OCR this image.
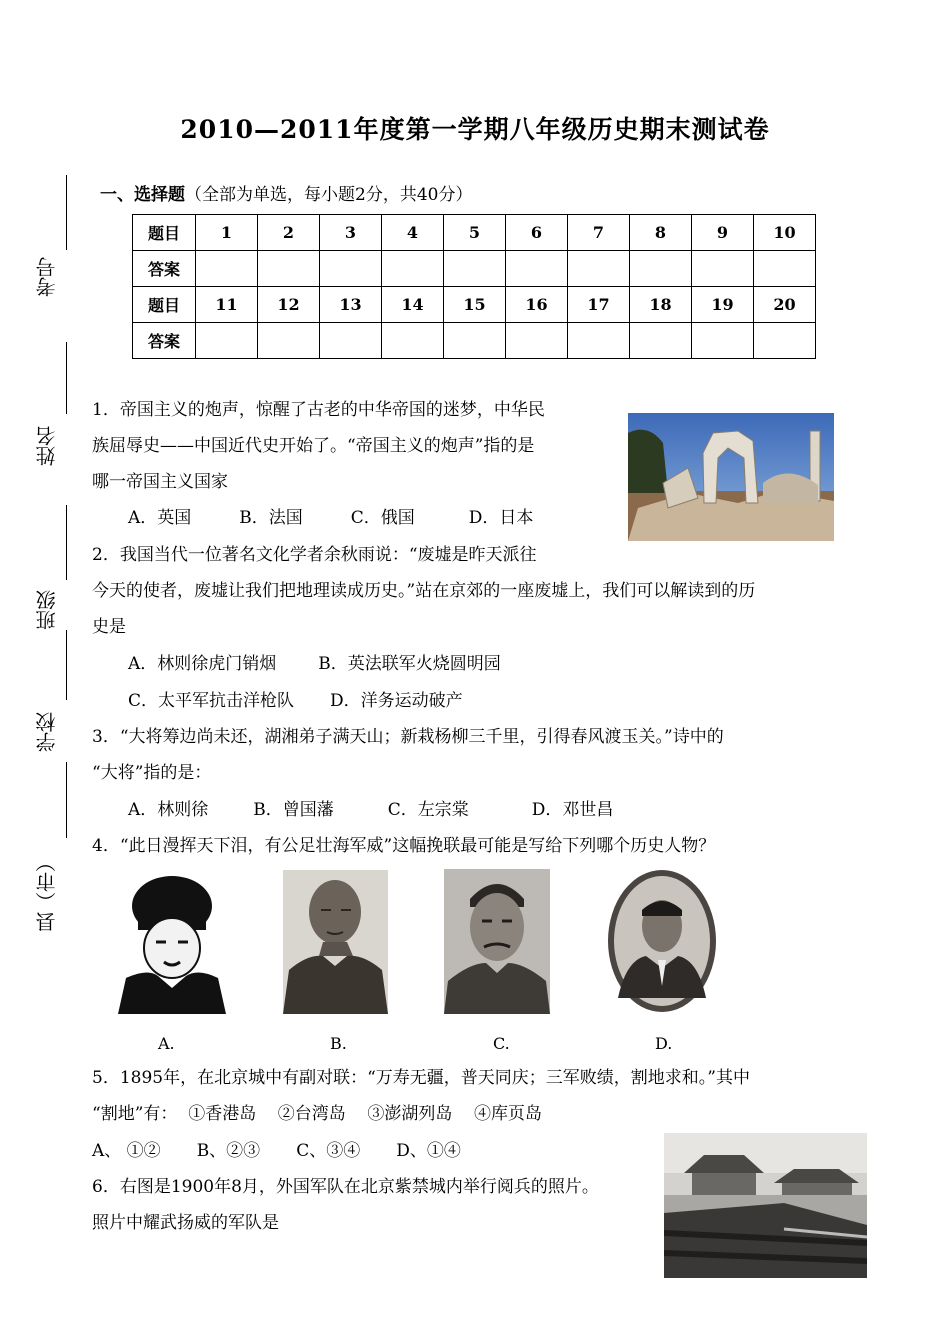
2010—2011年度第一学期八年级历史期末测试卷
考号
姓名
班级
学校
县（市）
一、选择题（全部为单选，每小题2分，共40分）
题目	1	2	3	4	5	6	7	8	9	10
答案										
题目	11	12	13	14	15	16	17	18	19	20
答案										
1．帝国主义的炮声，惊醒了古老的中华帝国的迷梦，中华民
族屈辱史——中国近代史开始了。“帝国主义的炮声”指的是
哪一帝国主义国家
A．英国	B．法国	C．俄国	D．日本
2．我国当代一位著名文化学者余秋雨说：“废墟是昨天派往
今天的使者，废墟让我们把地理读成历史。”站在京郊的一座废墟上，我们可以解读到的历
史是
A．林则徐虎门销烟 B．英法联军火烧圆明园
C．太平军抗击洋枪队 D．洋务运动破产
3．“大将筹边尚未还，湖湘弟子满天山；新栽杨柳三千里，引得春风渡玉关。”诗中的
“大将”指的是：
A．林则徐	B．曾国藩	C．左宗棠	D．邓世昌
4．“此日漫挥天下泪，有公足壮海军威”这幅挽联最可能是写给下列哪个历史人物？
A.	B.	C.	D.
5．1895年，在北京城中有副对联：“万寿无疆，普天同庆；三军败绩，割地求和。”其中
“割地”有：  ①香港岛    ②台湾岛    ③澎湖列岛    ④库页岛
A、 ①② B、②③ C、③④ D、①④
6．右图是1900年8月，外国军队在北京紫禁城内举行阅兵的照片。
照片中耀武扬威的军队是
